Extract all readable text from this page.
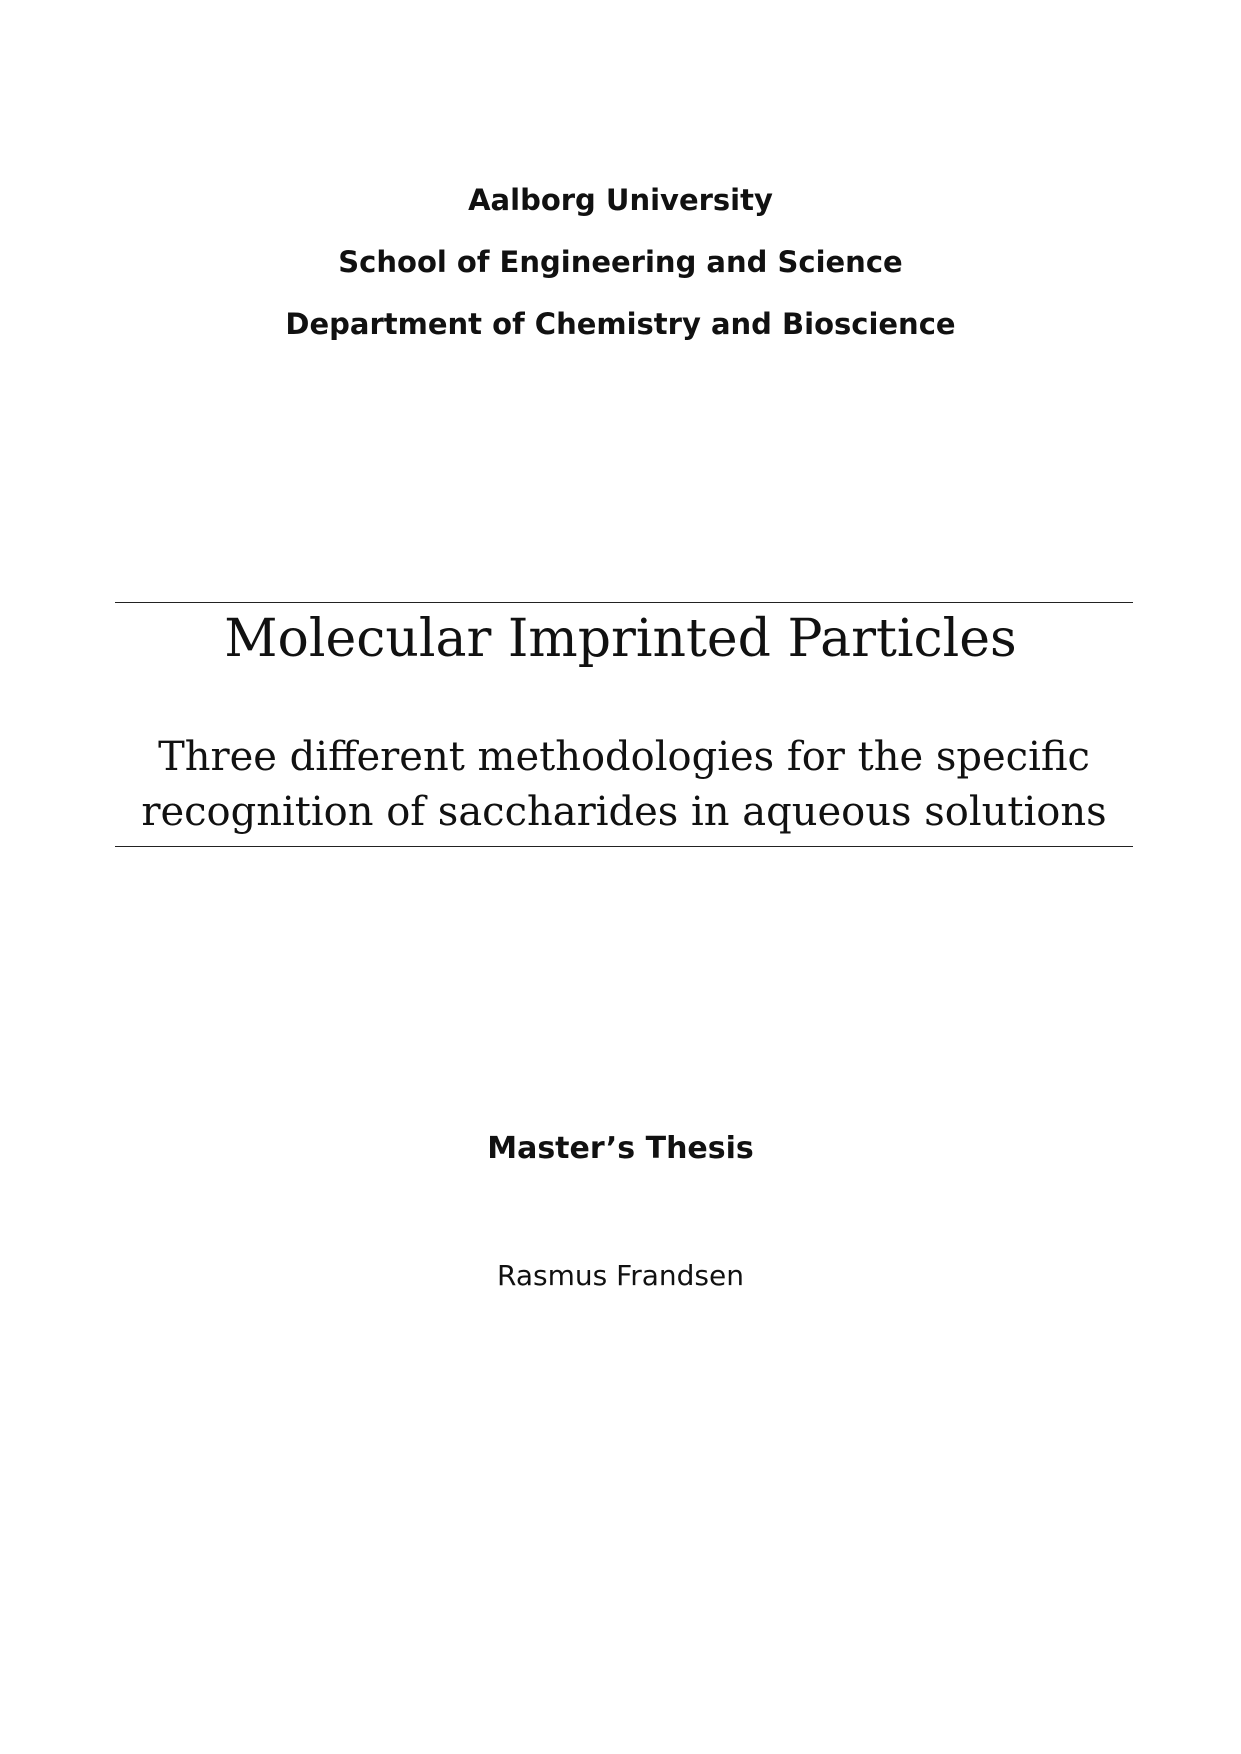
Aalborg University
School of Engineering and Science
Department of Chemistry and Bioscience
Molecular Imprinted Particles
Three different methodologies for the specific
recognition of saccharides in aqueous solutions
Master’s Thesis
Rasmus Frandsen
